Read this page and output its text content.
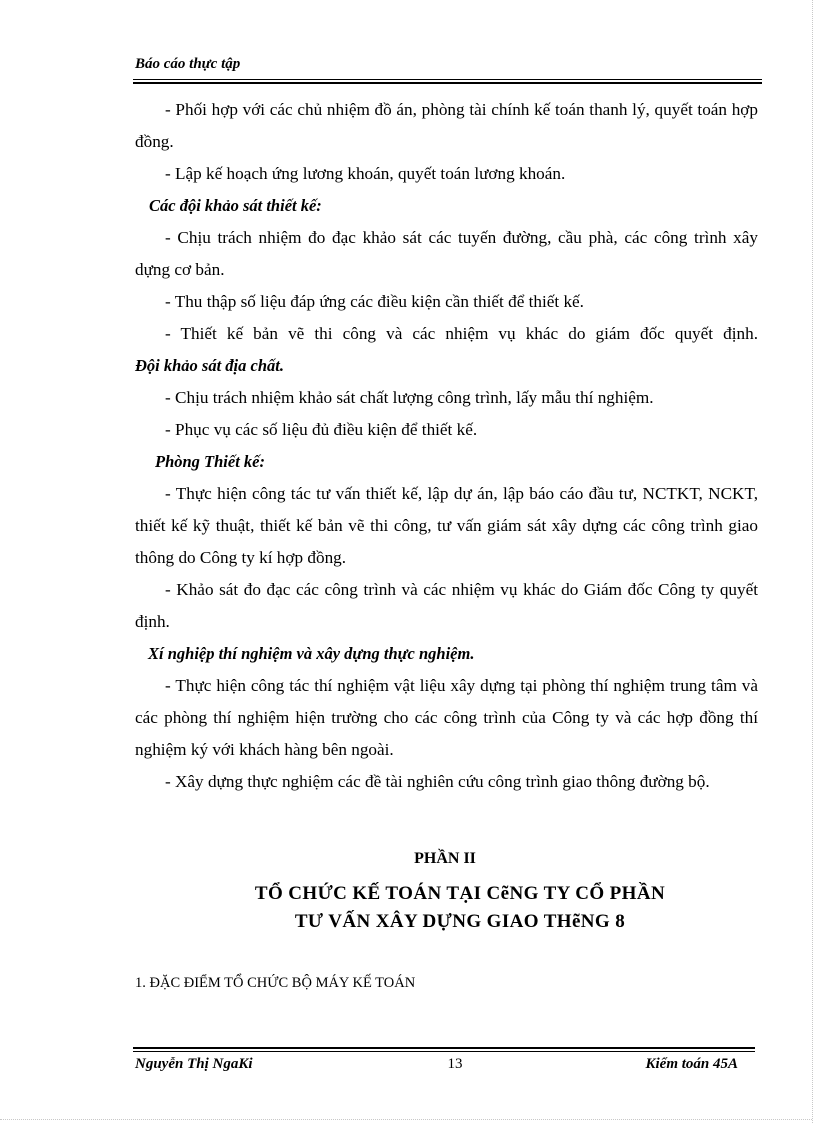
Báo cáo thực tập

- Phối hợp với các chủ nhiệm đồ án, phòng tài chính kế toán thanh lý, quyết toán hợp đồng.

- Lập kế hoạch ứng lương khoán, quyết toán lương khoán.

Các đội khảo sát thiết kế:

- Chịu trách nhiệm đo đạc khảo sát các tuyến đường, cầu phà, các công trình xây dựng cơ bản.

- Thu thập số liệu đáp ứng các điều kiện cần thiết để thiết kế.

- Thiết kế bản vẽ thi công và các nhiệm vụ khác do giám đốc quyết định.

Đội khảo sát địa chất.

- Chịu trách nhiệm khảo sát chất lượng công trình, lấy mẫu thí nghiệm.

- Phục vụ các số liệu đủ điều kiện để thiết kế.

Phòng Thiết kế:

- Thực hiện công tác tư vấn thiết kế, lập dự án, lập báo cáo đầu tư, NCTKT, NCKT, thiết kế kỹ thuật, thiết kế bản vẽ thi công, tư vấn giám sát xây dựng các công trình giao thông do Công ty kí hợp đồng.

- Khảo sát đo đạc các công trình và các nhiệm vụ khác do Giám đốc Công ty quyết định.

Xí nghiệp thí nghiệm và xây dựng thực nghiệm.

- Thực hiện công tác thí nghiệm vật liệu xây dựng tại phòng thí nghiệm trung tâm và các phòng thí nghiệm hiện trường cho các công trình của Công ty và các hợp đồng thí nghiệm ký với khách hàng bên ngoài.

- Xây dựng thực nghiệm các đề tài nghiên cứu công trình giao thông đường bộ.

PHẦN II
TỔ CHỨC KẾ TOÁN TẠI CẽNG TY CỔ PHẦN
TƯ VẤN XÂY DỰNG GIAO THẽNG 8
1. ĐẶC ĐIỂM TỔ CHỨC BỘ MÁY KẾ TOÁN
Nguyễn Thị NgaKi	13	Kiểm toán 45A
